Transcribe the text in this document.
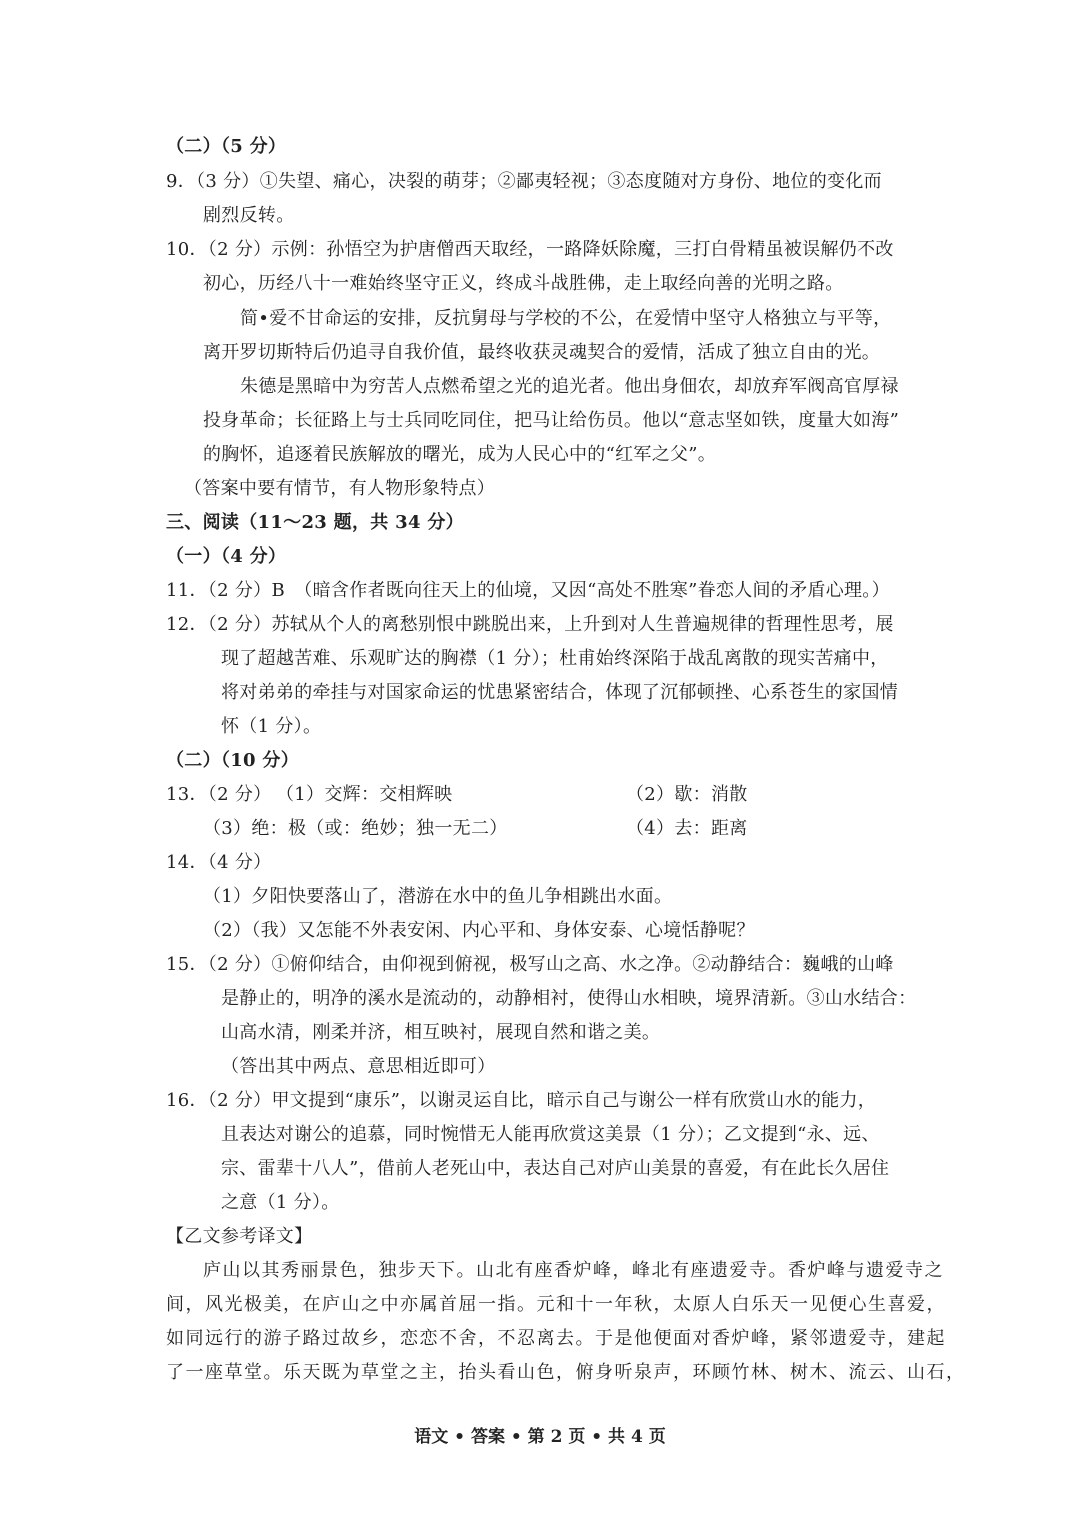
（二）（5 分）
9．（3 分）①失望、痛心，决裂的萌芽；②鄙夷轻视；③态度随对方身份、地位的变化而
剧烈反转。
10．（2 分）示例：孙悟空为护唐僧西天取经，一路降妖除魔，三打白骨精虽被误解仍不改
初心，历经八十一难始终坚守正义，终成斗战胜佛，走上取经向善的光明之路。
简•爱不甘命运的安排，反抗舅母与学校的不公，在爱情中坚守人格独立与平等，
离开罗切斯特后仍追寻自我价值，最终收获灵魂契合的爱情，活成了独立自由的光。
朱德是黑暗中为穷苦人点燃希望之光的追光者。他出身佃农，却放弃军阀高官厚禄
投身革命；长征路上与士兵同吃同住，把马让给伤员。他以“意志坚如铁，度量大如海”
的胸怀，追逐着民族解放的曙光，成为人民心中的“红军之父”。
（答案中要有情节，有人物形象特点）
三、阅读（11～23 题，共 34 分）
（一）（4 分）
11．（2 分）B　（暗含作者既向往天上的仙境，又因“高处不胜寒”眷恋人间的矛盾心理。）
12．（2 分）苏轼从个人的离愁别恨中跳脱出来，上升到对人生普遍规律的哲理性思考，展
现了超越苦难、乐观旷达的胸襟（1 分）；杜甫始终深陷于战乱离散的现实苦痛中，
将对弟弟的牵挂与对国家命运的忧患紧密结合，体现了沉郁顿挫、心系苍生的家国情
怀（1 分）。
（二）（10 分）
13．（2 分） （1）交辉：交相辉映	（2）歇：消散
（3）绝：极（或：绝妙；独一无二）	（4）去：距离
14．（4 分）
（1）夕阳快要落山了，潜游在水中的鱼儿争相跳出水面。
（2）（我）又怎能不外表安闲、内心平和、身体安泰、心境恬静呢？
15．（2 分）①俯仰结合，由仰视到俯视，极写山之高、水之净。②动静结合：巍峨的山峰
是静止的，明净的溪水是流动的，动静相衬，使得山水相映，境界清新。③山水结合：
山高水清，刚柔并济，相互映衬，展现自然和谐之美。
（答出其中两点、意思相近即可）
16．（2 分）甲文提到“康乐”，以谢灵运自比，暗示自己与谢公一样有欣赏山水的能力，
且表达对谢公的追慕，同时惋惜无人能再欣赏这美景（1 分）；乙文提到“永、远、
宗、雷辈十八人”，借前人老死山中，表达自己对庐山美景的喜爱，有在此长久居住
之意（1 分）。
【乙文参考译文】
庐山以其秀丽景色，独步天下。山北有座香炉峰，峰北有座遗爱寺。香炉峰与遗爱寺之
间，风光极美，在庐山之中亦属首屈一指。元和十一年秋，太原人白乐天一见便心生喜爱，
如同远行的游子路过故乡，恋恋不舍，不忍离去。于是他便面对香炉峰，紧邻遗爱寺，建起
了一座草堂。乐天既为草堂之主，抬头看山色，俯身听泉声，环顾竹林、树木、流云、山石，
语文 • 答案 • 第 2 页 • 共 4 页
